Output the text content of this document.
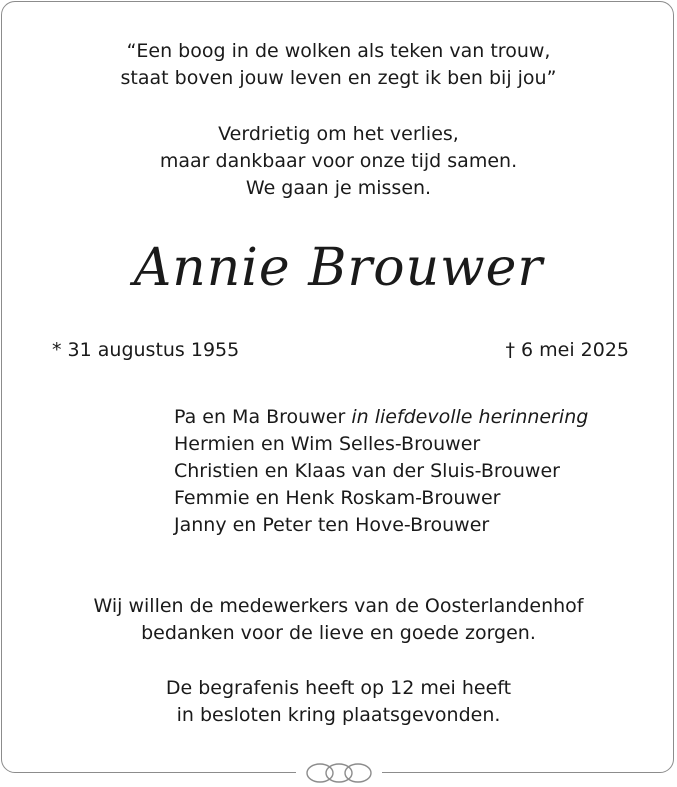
“Een boog in de wolken als teken van trouw,
staat boven jouw leven en zegt ik ben bij jou”
Verdrietig om het verlies,
maar dankbaar voor onze tijd samen.
We gaan je missen.
Annie Brouwer
* 31 augustus 1955	† 6 mei 2025
Pa en Ma Brouwer in liefdevolle herinnering
Hermien en Wim Selles-Brouwer
Christien en Klaas van der Sluis-Brouwer
Femmie en Henk Roskam-Brouwer
Janny en Peter ten Hove-Brouwer
Wij willen de medewerkers van de Oosterlandenhof
bedanken voor de lieve en goede zorgen.
De begrafenis heeft op 12 mei heeft
in besloten kring plaatsgevonden.
